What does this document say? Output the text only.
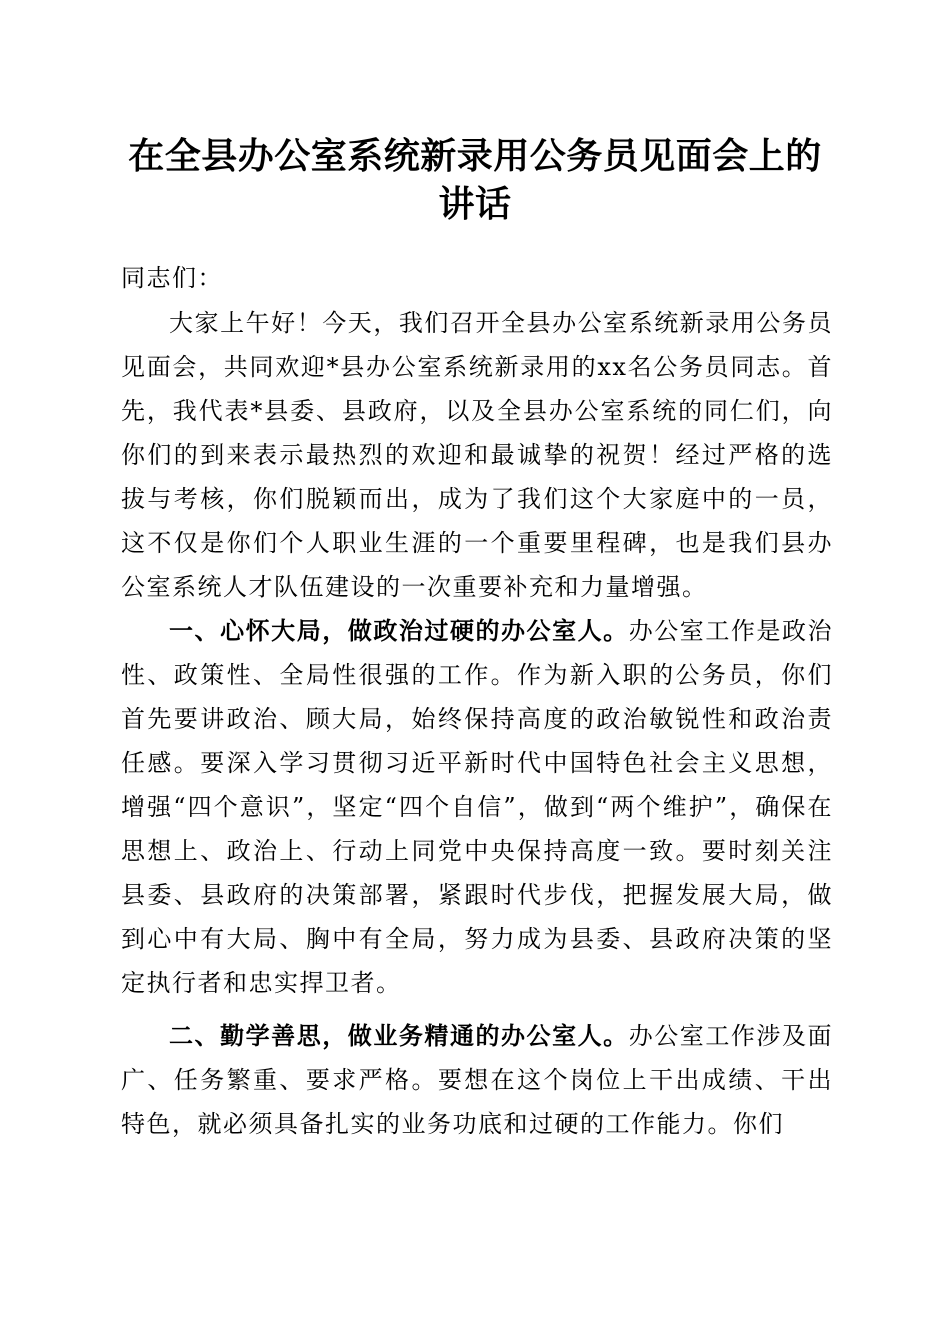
在全县办公室系统新录用公务员见面会上的讲话

同志们：

大家上午好！今天，我们召开全县办公室系统新录用公务员见面会，共同欢迎*县办公室系统新录用的xx名公务员同志。首先，我代表*县委、县政府，以及全县办公室系统的同仁们，向你们的到来表示最热烈的欢迎和最诚挚的祝贺！经过严格的选拔与考核，你们脱颖而出，成为了我们这个大家庭中的一员，这不仅是你们个人职业生涯的一个重要里程碑，也是我们县办公室系统人才队伍建设的一次重要补充和力量增强。

一、心怀大局，做政治过硬的办公室人。办公室工作是政治性、政策性、全局性很强的工作。作为新入职的公务员，你们首先要讲政治、顾大局，始终保持高度的政治敏锐性和政治责任感。要深入学习贯彻习近平新时代中国特色社会主义思想，增强“四个意识”，坚定“四个自信”，做到“两个维护”，确保在思想上、政治上、行动上同党中央保持高度一致。要时刻关注县委、县政府的决策部署，紧跟时代步伐，把握发展大局，做到心中有大局、胸中有全局，努力成为县委、县政府决策的坚定执行者和忠实捍卫者。

二、勤学善思，做业务精通的办公室人。办公室工作涉及面广、任务繁重、要求严格。要想在这个岗位上干出成绩、干出特色，就必须具备扎实的业务功底和过硬的工作能力。你们
